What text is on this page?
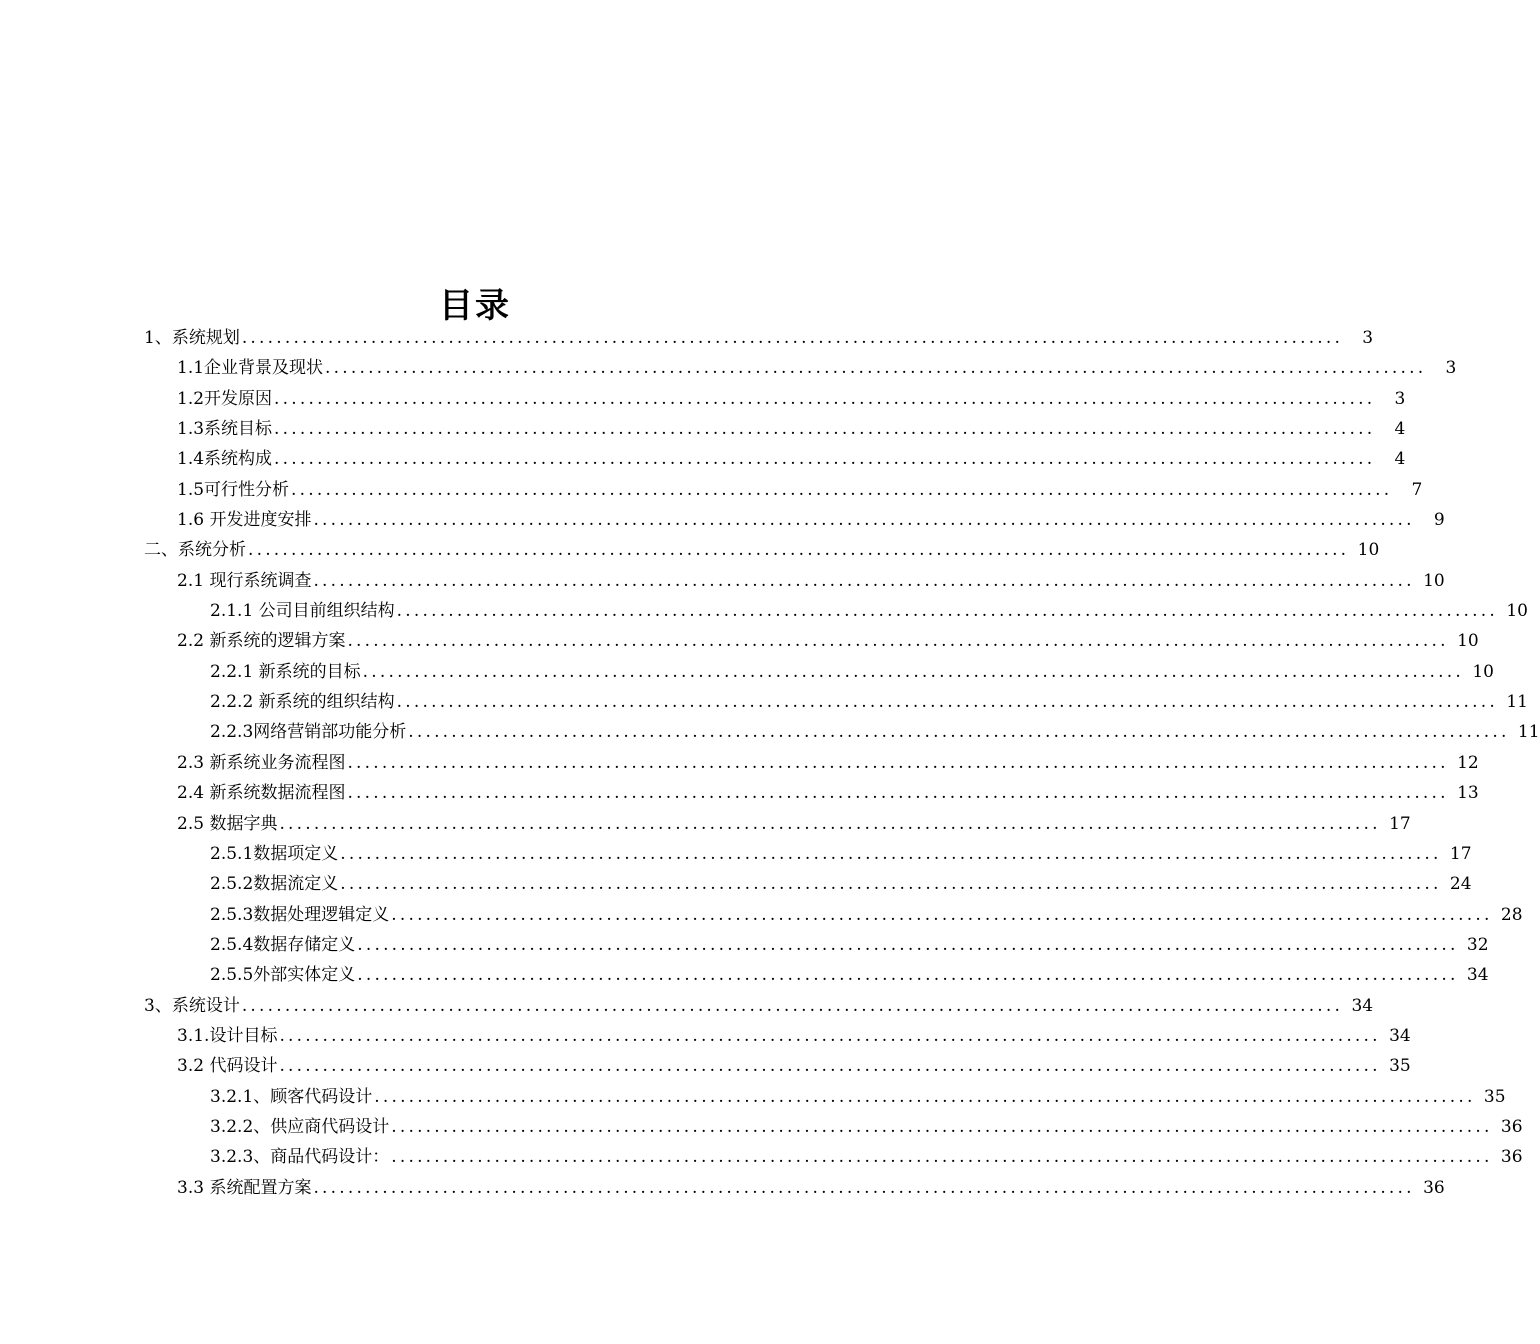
目录
1、系统规划 ................................................................................................................................	3
1.1企业背景及现状 ................................................................................................................................	3
1.2开发原因 ................................................................................................................................	3
1.3系统目标 ................................................................................................................................	4
1.4系统构成 ................................................................................................................................	4
1.5可行性分析 ................................................................................................................................	7
1.6 开发进度安排 ................................................................................................................................	9
二、系统分析 ................................................................................................................................ 10
2.1 现行系统调查 ................................................................................................................................ 10
2.1.1 公司目前组织结构 ................................................................................................................................ 10
2.2 新系统的逻辑方案 ................................................................................................................................ 10
2.2.1 新系统的目标 ................................................................................................................................ 10
2.2.2 新系统的组织结构 ................................................................................................................................ 11
2.2.3网络营销部功能分析 ................................................................................................................................ 11
2.3 新系统业务流程图 ................................................................................................................................ 12
2.4 新系统数据流程图 ................................................................................................................................ 13
2.5 数据字典 ................................................................................................................................ 17
2.5.1数据项定义 ................................................................................................................................ 17
2.5.2数据流定义 ................................................................................................................................ 24
2.5.3数据处理逻辑定义 ................................................................................................................................ 28
2.5.4数据存储定义 ................................................................................................................................ 32
2.5.5外部实体定义 ................................................................................................................................ 34
3、系统设计 ................................................................................................................................ 34
3.1.设计目标 ................................................................................................................................ 34
3.2 代码设计 ................................................................................................................................ 35
3.2.1、顾客代码设计 ................................................................................................................................ 35
3.2.2、供应商代码设计 ................................................................................................................................ 36
3.2.3、商品代码设计： ................................................................................................................................ 36
3.3 系统配置方案 ................................................................................................................................ 36
